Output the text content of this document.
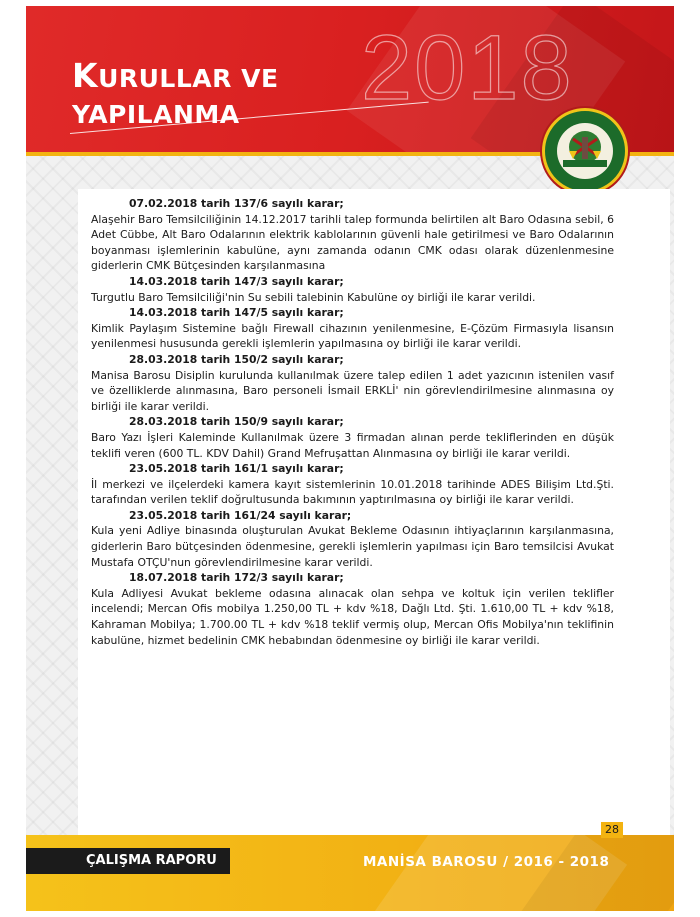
2018
KURULLAR VE
YAPILANMA
ÇALIŞMA RAPORU	MANİSA BAROSU / 2016 - 2018
28
07.02.2018 tarih 137/6 sayılı karar;
Alaşehir Baro Temsilciliğinin 14.12.2017 tarihli talep formunda belirtilen alt Baro Odasına sebil, 6 Adet Cübbe, Alt Baro Odalarının elektrik kablolarının güvenli hale getirilmesi ve Baro Odalarının boyanması işlemlerinin kabulüne, aynı zamanda odanın CMK odası olarak düzenlenmesine giderlerin CMK Bütçesinden karşılanmasına
14.03.2018 tarih 147/3 sayılı karar;
Turgutlu Baro Temsilciliği'nin Su sebili talebinin Kabulüne oy birliği ile karar verildi.
14.03.2018 tarih 147/5 sayılı karar;
Kimlik Paylaşım Sistemine bağlı Firewall cihazının yenilenmesine, E-Çözüm Firmasıyla lisansın yenilenmesi hususunda gerekli işlemlerin yapılmasına oy birliği ile karar verildi.
28.03.2018 tarih 150/2 sayılı karar;
Manisa Barosu Disiplin kurulunda kullanılmak üzere talep edilen 1 adet yazıcının istenilen vasıf ve özelliklerde alınmasına, Baro personeli İsmail ERKLİ' nin görevlendirilmesine alınmasına oy birliği ile karar verildi.
28.03.2018 tarih 150/9 sayılı karar;
Baro Yazı İşleri Kaleminde Kullanılmak üzere 3 firmadan alınan perde tekliflerinden en düşük teklifi veren (600 TL. KDV Dahil) Grand Mefruşattan Alınmasına oy birliği ile karar verildi.
23.05.2018 tarih 161/1 sayılı karar;
İl merkezi ve ilçelerdeki kamera kayıt sistemlerinin 10.01.2018 tarihinde ADES Bilişim Ltd.Şti. tarafından verilen teklif doğrultusunda bakımının yaptırılmasına oy birliği ile karar verildi.
23.05.2018 tarih 161/24 sayılı karar;
Kula yeni Adliye binasında oluşturulan Avukat Bekleme Odasının ihtiyaçlarının karşılanmasına, giderlerin Baro bütçesinden ödenmesine, gerekli işlemlerin yapılması için Baro temsilcisi Avukat Mustafa OTÇU'nun görevlendirilmesine karar verildi.
18.07.2018 tarih 172/3 sayılı karar;
Kula Adliyesi Avukat bekleme odasına alınacak olan sehpa ve koltuk için verilen teklifler incelendi; Mercan Ofis mobilya 1.250,00 TL + kdv %18, Dağlı Ltd. Şti. 1.610,00 TL + kdv %18, Kahraman Mobilya; 1.700.00 TL + kdv %18 teklif vermiş olup, Mercan Ofis Mobilya'nın teklifinin kabulüne, hizmet bedelinin CMK hebabından ödenmesine oy birliği ile karar verildi.
